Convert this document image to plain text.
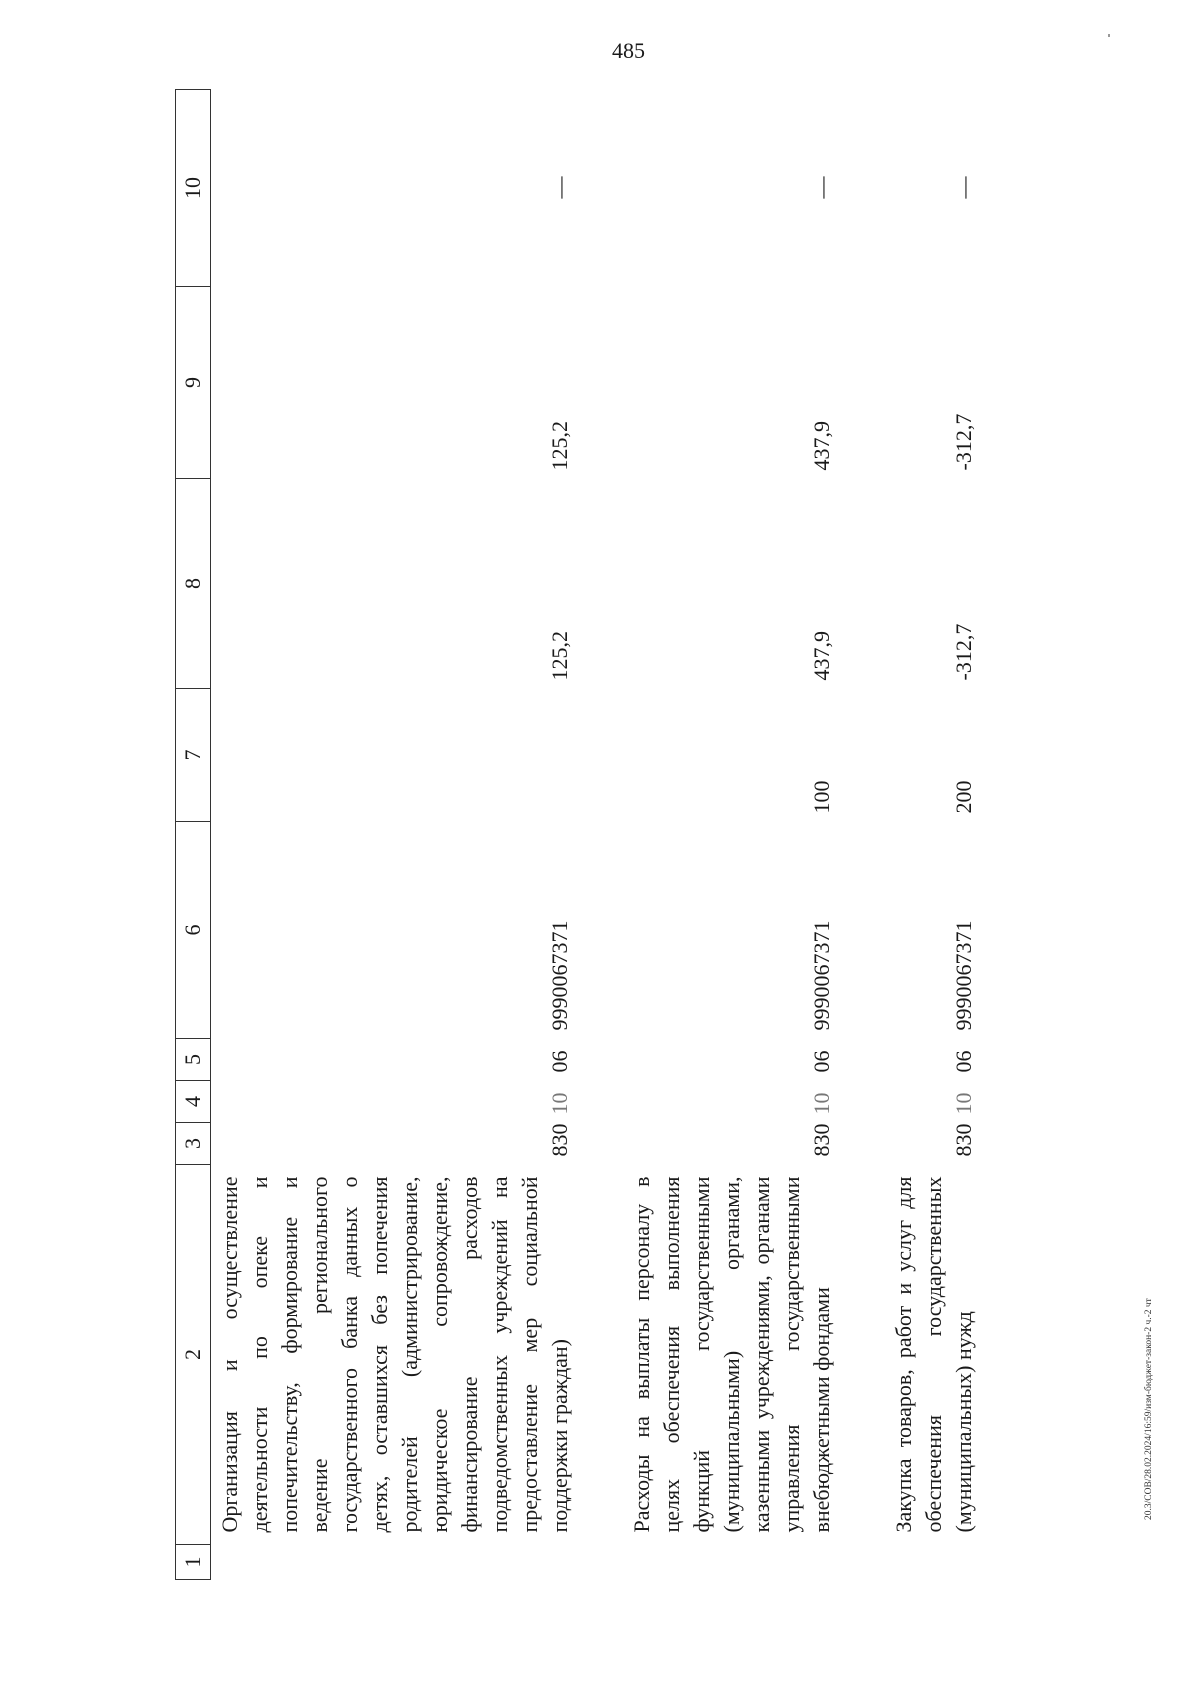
485
1	2	3	4	5	6	7	8	9	10
	Организация и осуществление деятельности по опеке и попечительству, формирование и ведение регионального государственного банка данных о детях, оставшихся без попечения родителей (администрирование, юридическое сопровождение, финансирование расходов подведомственных учреждений на предоставление мер социальной поддержки граждан)	830	10	06	9990067371		125,2	125,2	—

	Расходы на выплаты персоналу в целях обеспечения выполнения функций государственными (муниципальными) органами, казенными учреждениями, органами управления государственными внебюджетными фондами	830	10	06	9990067371	100	437,9	437,9	—

	Закупка товаров, работ и услуг для обеспечения государственных (муниципальных) нужд	830	10	06	9990067371	200	-312,7	-312,7	—
20.3/СОВ/28.02.2024/16:59/изм-бюджет-закон-2 ч.-2 чт
